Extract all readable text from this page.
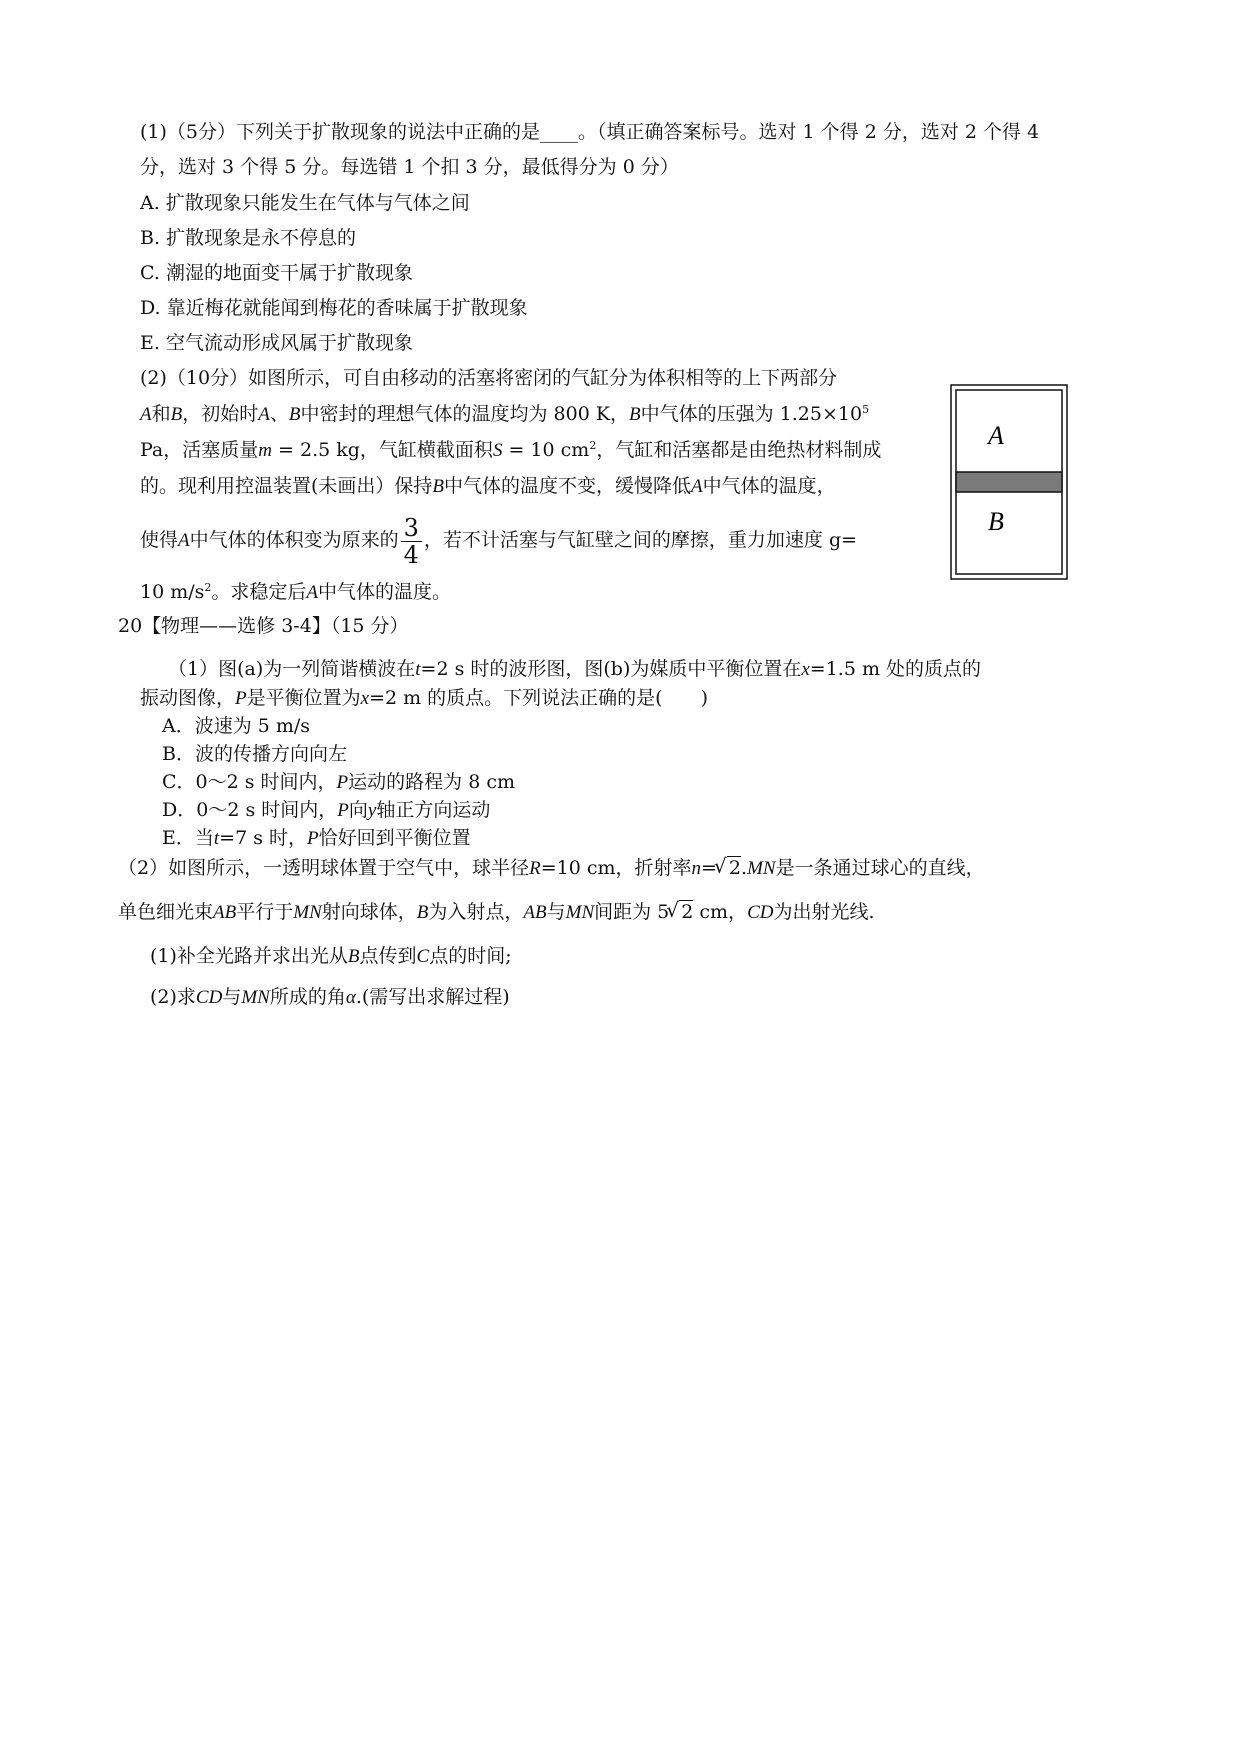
(1)（5分）下列关于扩散现象的说法中正确的是____。（填正确答案标号。选对 1 个得 2 分，选对 2 个得 4
分，选对 3 个得 5 分。每选错 1 个扣 3 分，最低得分为 0 分）
A. 扩散现象只能发生在气体与气体之间
B. 扩散现象是永不停息的
C. 潮湿的地面变干属于扩散现象
D. 靠近梅花就能闻到梅花的香味属于扩散现象
E. 空气流动形成风属于扩散现象
(2)（10分）如图所示，可自由移动的活塞将密闭的气缸分为体积相等的上下两部分
A和B，初始时A、B中密封的理想气体的温度均为 800 K，B中气体的压强为 $1.25\times 10^5$
Pa，活塞质量m = 2.5 kg，气缸横截面积S = 10 $cm^2$，气缸和活塞都是由绝热材料制成
的。现利用控温装置(未画出）保持B中气体的温度不变，缓慢降低A中气体的温度，
使得A中气体的体积变为原来的 $\frac{3}{4}$ ，若不计活塞与气缸壁之间的摩擦，重力加速度 g=
10 $m/s^2$。求稳定后A中气体的温度。
A
B
20【物理——选修 3-4】（15 分）
（1）图(a)为一列简谐横波在t=2 s 时的波形图，图(b)为媒质中平衡位置在x=1.5 m 处的质点的
振动图像，P是平衡位置为x=2 m 的质点。下列说法正确的是(　　)
A．波速为 5 m/s
B．波的传播方向向左
C．0～2 s 时间内，P运动的路程为 8 cm
D．0～2 s 时间内，P向y轴正方向运动
E．当t=7 s 时，P恰好回到平衡位置
（2）如图所示，一透明球体置于空气中，球半径R=10 cm，折射率n= √ 2.MN是一条通过球心的直线，
单色细光束AB平行于MN射向球体，B为入射点，AB与MN间距为 5 √ 2 cm，CD为出射光线.
(1)补全光路并求出光从B点传到C点的时间;
(2)求CD与MN所成的角α.(需写出求解过程)
